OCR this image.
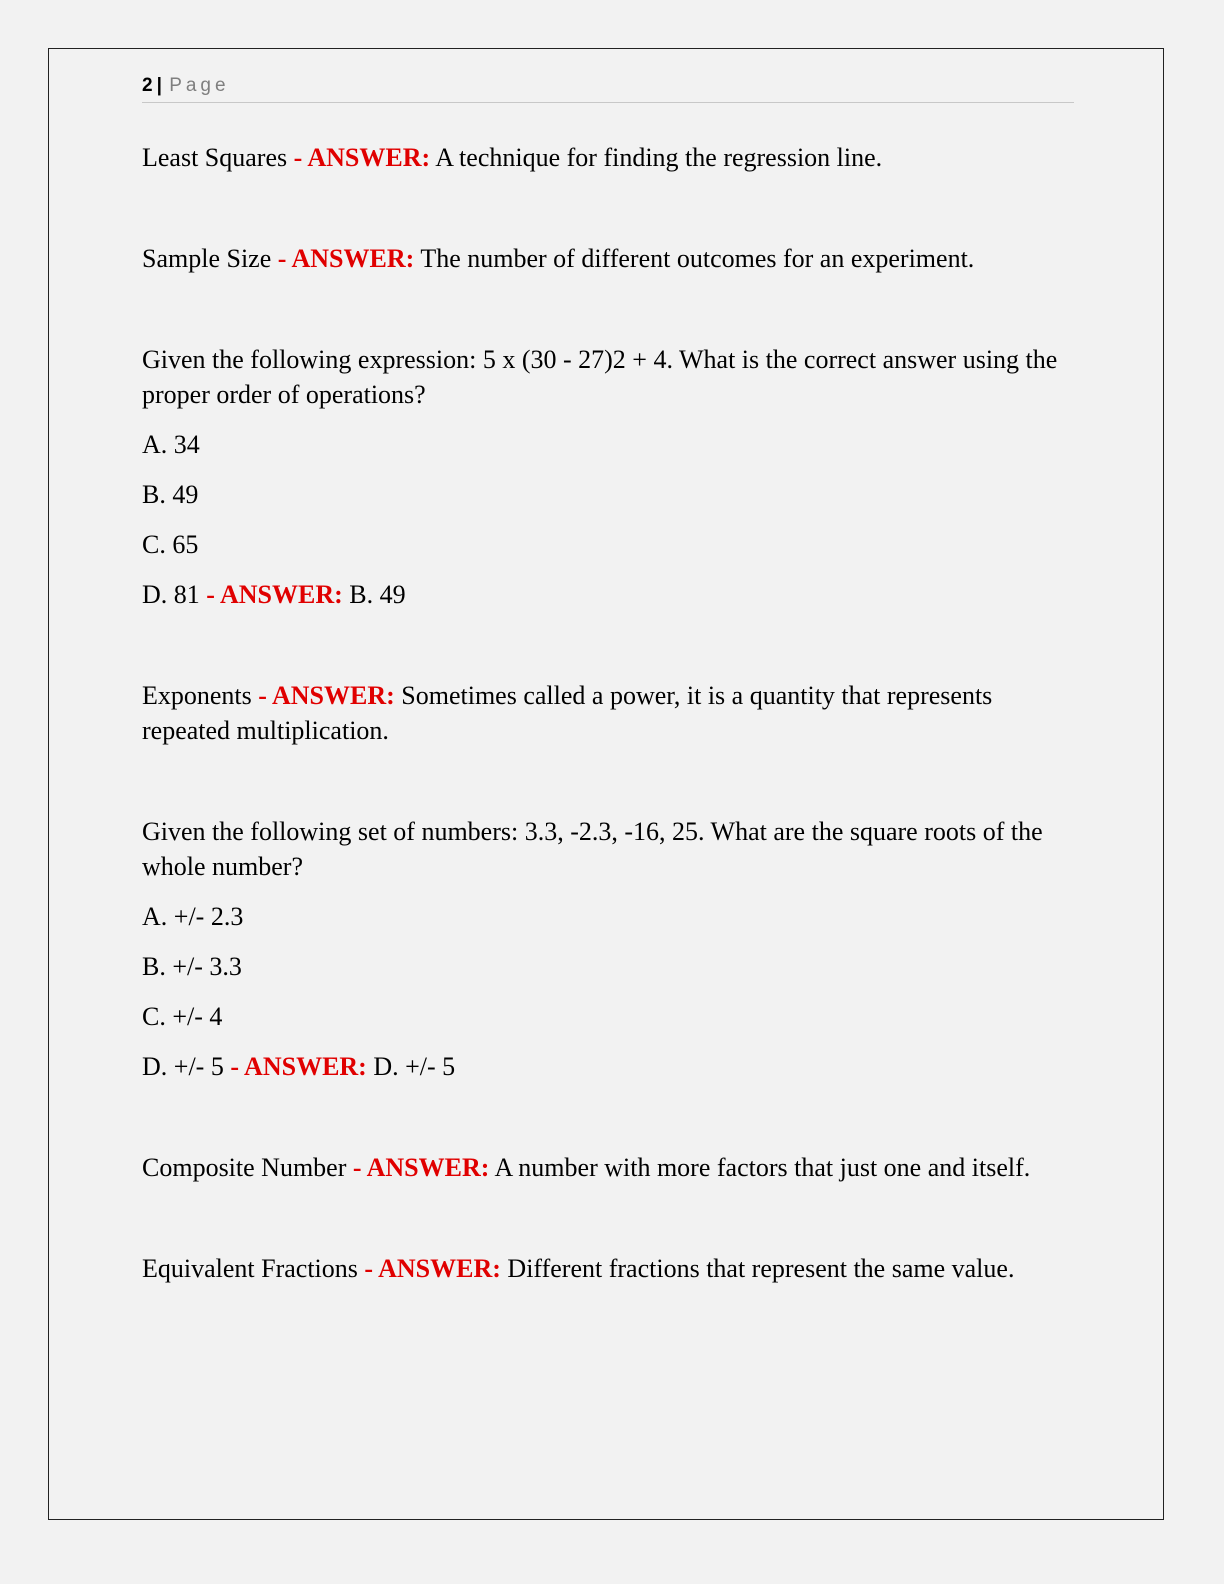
2 | Page

Least Squares - ANSWER: A technique for finding the regression line.

Sample Size - ANSWER: The number of different outcomes for an experiment.

Given the following expression: 5 x (30 - 27)2 + 4. What is the correct answer using the proper order of operations?

A. 34

B. 49

C. 65

D. 81 - ANSWER: B. 49

Exponents - ANSWER: Sometimes called a power, it is a quantity that represents repeated multiplication.

Given the following set of numbers: 3.3, -2.3, -16, 25. What are the square roots of the whole number?

A. +/- 2.3

B. +/- 3.3

C. +/- 4

D. +/- 5 - ANSWER: D. +/- 5

Composite Number - ANSWER: A number with more factors that just one and itself.

Equivalent Fractions - ANSWER: Different fractions that represent the same value.
